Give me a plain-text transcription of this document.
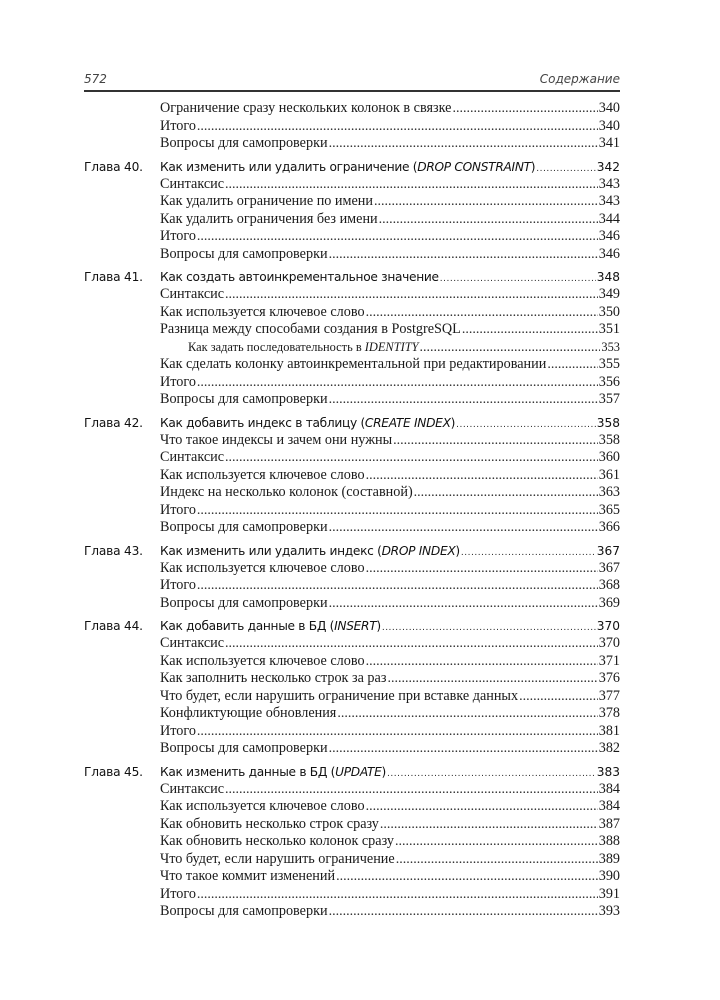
572	Содержание
Ограничение сразу нескольких колонок в связке .....	340
Итого .....	340
Вопросы для самопроверки .....	341
Глава 40.	Как изменить или удалить ограничение (DROP CONSTRAINT) .....	342
Синтаксис .....	343
Как удалить ограничение по имени .....	343
Как удалить ограничения без имени .....	344
Итого .....	346
Вопросы для самопроверки .....	346
Глава 41.	Как создать автоинкрементальное значение .....	348
Синтаксис .....	349
Как используется ключевое слово .....	350
Разница между способами создания в PostgreSQL .....	351
Как задать последовательность в IDENTITY .....	353
Как сделать колонку автоинкрементальной при редактировании .....	355
Итого .....	356
Вопросы для самопроверки .....	357
Глава 42.	Как добавить индекс в таблицу (CREATE INDEX) .....	358
Что такое индексы и зачем они нужны .....	358
Синтаксис .....	360
Как используется ключевое слово .....	361
Индекс на несколько колонок (составной) .....	363
Итого .....	365
Вопросы для самопроверки .....	366
Глава 43.	Как изменить или удалить индекс (DROP INDEX) .....	367
Как используется ключевое слово .....	367
Итого .....	368
Вопросы для самопроверки .....	369
Глава 44.	Как добавить данные в БД (INSERT) .....	370
Синтаксис .....	370
Как используется ключевое слово .....	371
Как заполнить несколько строк за раз .....	376
Что будет, если нарушить ограничение при вставке данных .....	377
Конфликтующие обновления .....	378
Итого .....	381
Вопросы для самопроверки .....	382
Глава 45.	Как изменить данные в БД (UPDATE) .....	383
Синтаксис .....	384
Как используется ключевое слово .....	384
Как обновить несколько строк сразу .....	387
Как обновить несколько колонок сразу .....	388
Что будет, если нарушить ограничение .....	389
Что такое коммит изменений .....	390
Итого .....	391
Вопросы для самопроверки .....	393
